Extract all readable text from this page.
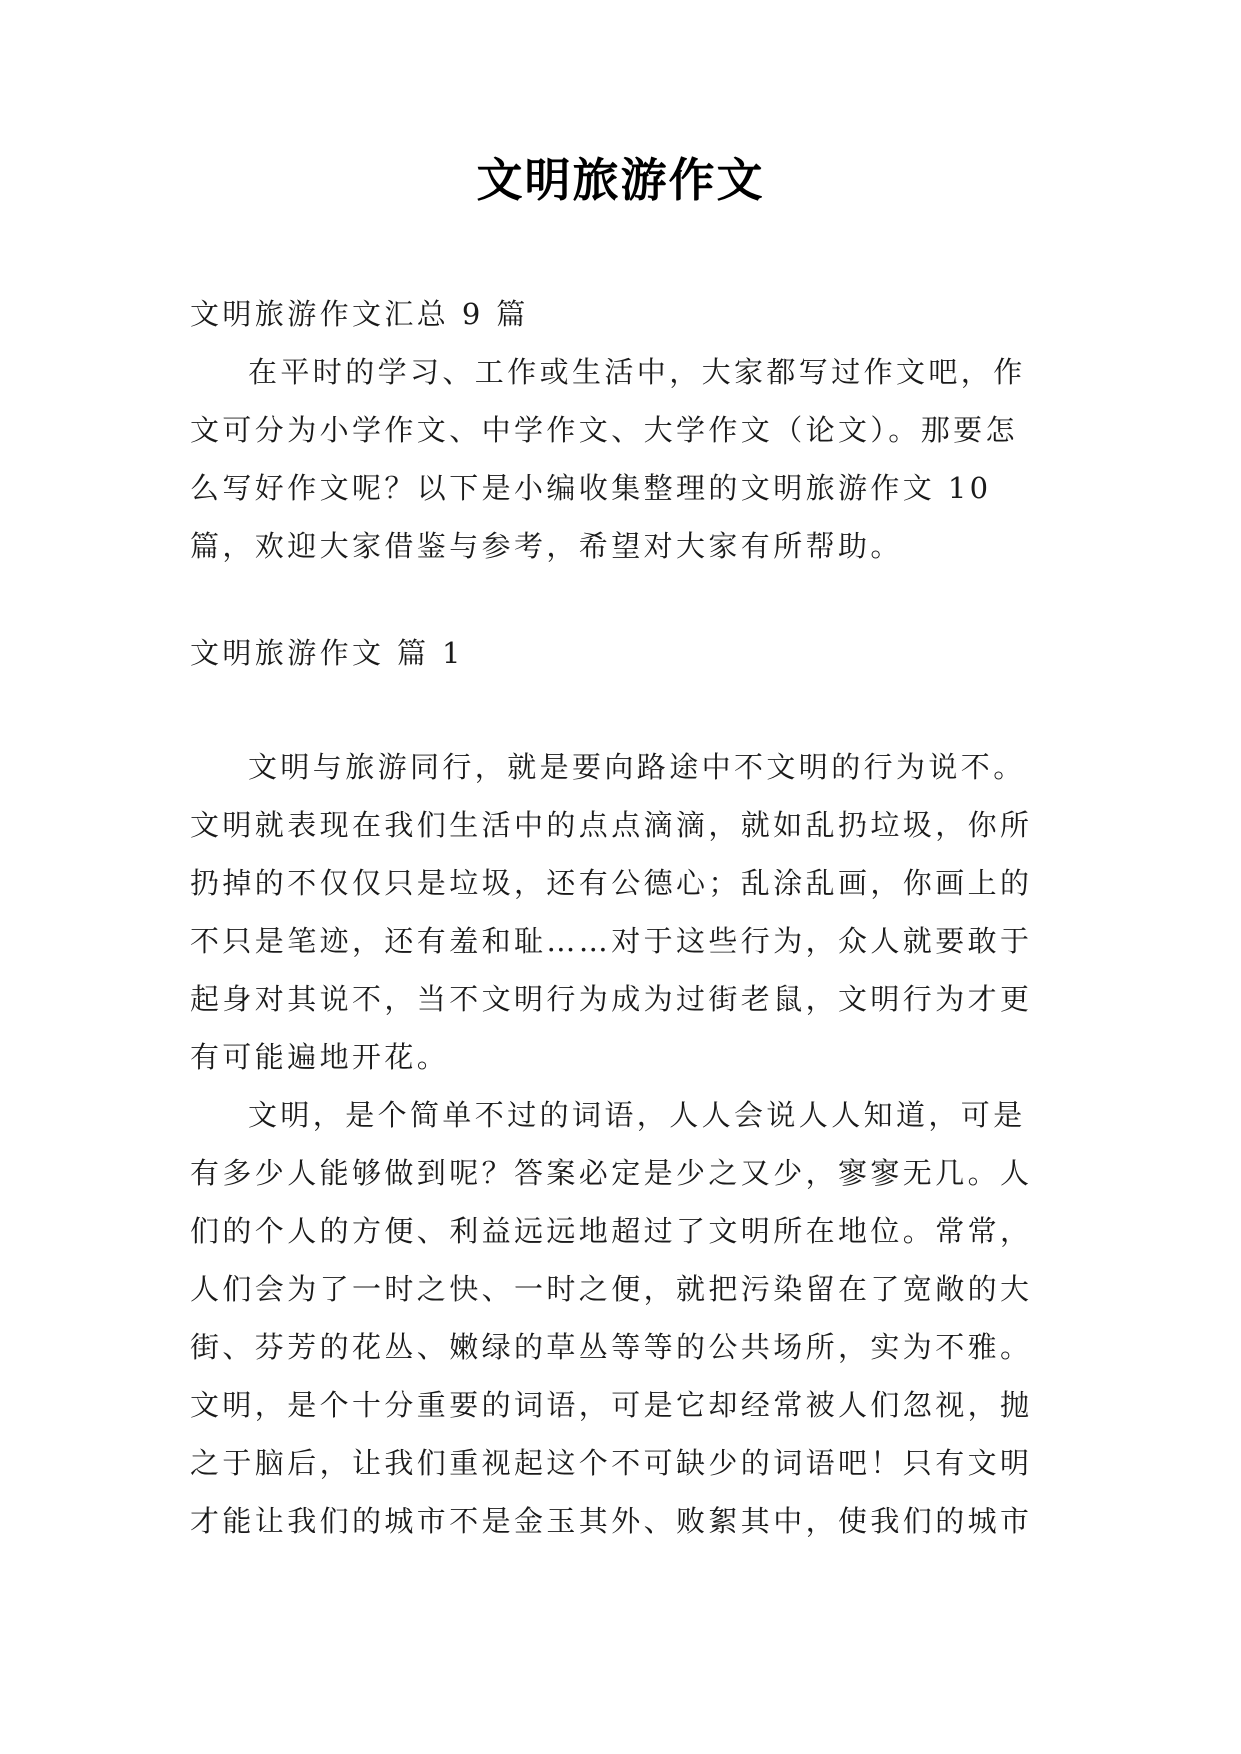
文明旅游作文

文明旅游作文汇总 9 篇

在平时的学习、工作或生活中，大家都写过作文吧，作文可分为小学作文、中学作文、大学作文（论文）。那要怎么写好作文呢？以下是小编收集整理的文明旅游作文 10 篇，欢迎大家借鉴与参考，希望对大家有所帮助。

文明旅游作文 篇 1

文明与旅游同行，就是要向路途中不文明的行为说不。文明就表现在我们生活中的点点滴滴，就如乱扔垃圾，你所扔掉的不仅仅只是垃圾，还有公德心；乱涂乱画，你画上的不只是笔迹，还有羞和耻……对于这些行为，众人就要敢于起身对其说不，当不文明行为成为过街老鼠，文明行为才更有可能遍地开花。

文明，是个简单不过的词语，人人会说人人知道，可是有多少人能够做到呢？答案必定是少之又少，寥寥无几。人们的个人的方便、利益远远地超过了文明所在地位。常常，人们会为了一时之快、一时之便，就把污染留在了宽敞的大街、芬芳的花丛、嫩绿的草丛等等的公共场所，实为不雅。文明，是个十分重要的词语，可是它却经常被人们忽视，抛之于脑后，让我们重视起这个不可缺少的词语吧！只有文明才能让我们的城市不是金玉其外、败絮其中，使我们的城市
